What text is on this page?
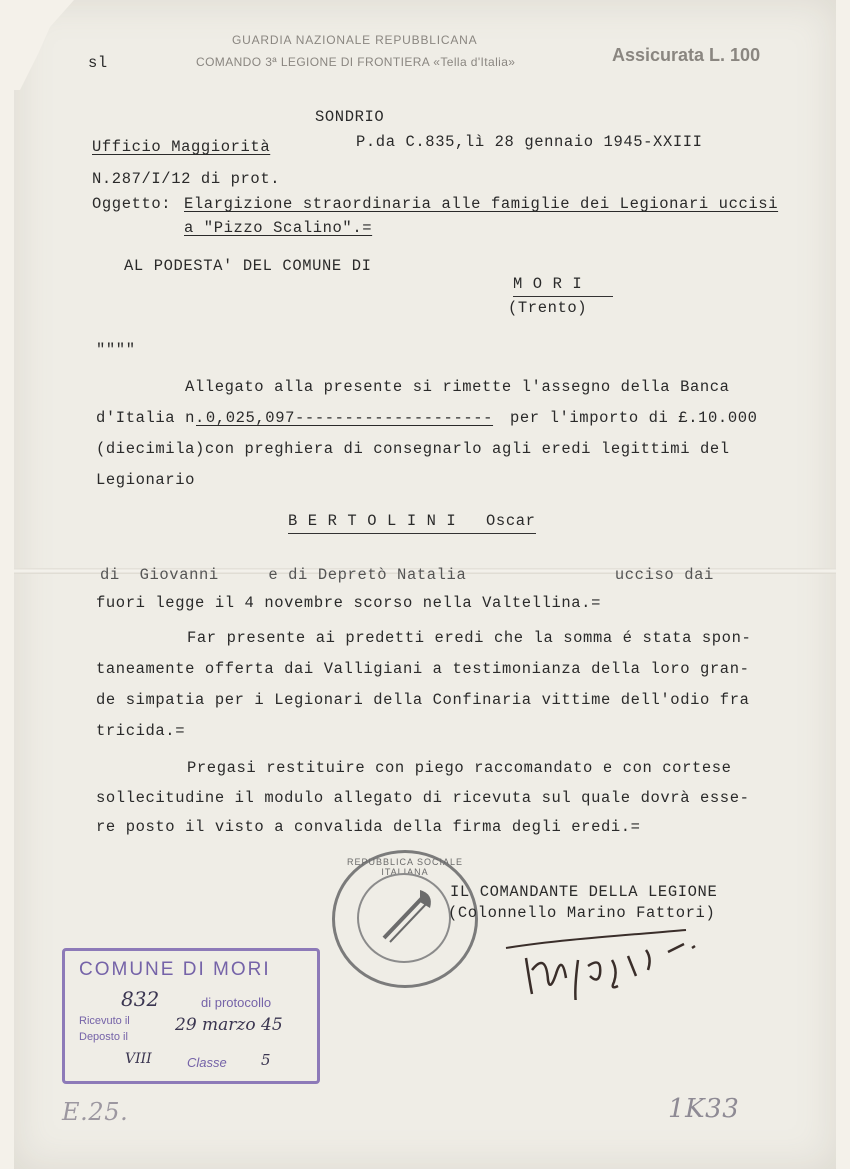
sl
GUARDIA NAZIONALE REPUBBLICANA
COMANDO 3ª LEGIONE DI FRONTIERA «Tella d'Italia»	Assicurata L. 100
SONDRIO
Ufficio Maggiorità	P.da C.835,lì 28 gennaio 1945-XXIII
N.287/I/12 di prot.
Oggetto: Elargizione straordinaria alle famiglie dei Legionari uccisi
a "Pizzo Scalino".=
AL PODESTA' DEL COMUNE DI
M O R I
(Trento)
""""
Allegato alla presente si rimette l'assegno della Banca
d'Italia n.
0,025,097-------------------- per l'importo di £.10.000
(diecimila)con preghiera di consegnarlo agli eredi legittimi del
Legionario
B E R T O L I N I   Oscar
di  Giovanni     e di Depretò Natalia               ucciso dai
fuori legge il 4 novembre scorso nella Valtellina.=
Far presente ai predetti eredi che la somma é stata spon-
taneamente offerta dai Valligiani a testimonianza della loro gran-
de simpatia per i Legionari della Confinaria vittime dell'odio fra
tricida.=
Pregasi restituire con piego raccomandato e con cortese
sollecitudine il modulo allegato di ricevuta sul quale dovrà esse-
re posto il visto a convalida della firma degli eredi.=
REPUBBLICA SOCIALE ITALIANA
IL COMANDANTE DELLA LEGIONE
(Colonnello Marino Fattori)
COMUNE DI MORI
832	di protocollo
Ricevuto il
Deposto il
29 marzo 45
VIII	Classe 5
E.25.	1K33
